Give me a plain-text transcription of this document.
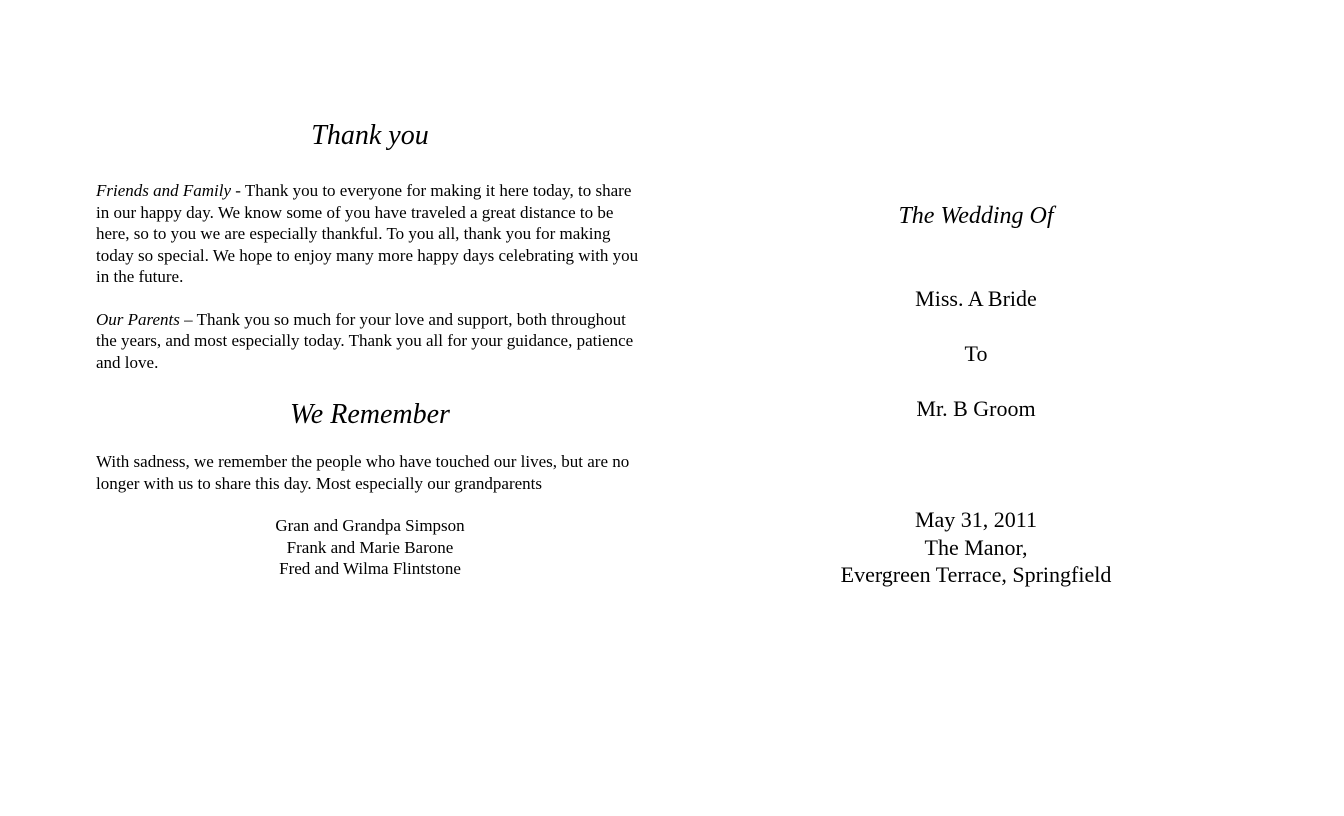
Thank you

Friends and Family - Thank you to everyone for making it here today, to share in our happy day. We know some of you have traveled a great distance to be here, so to you we are especially thankful. To you all, thank you for making today so special. We hope to enjoy many more happy days celebrating with you in the future.

Our Parents – Thank you so much for your love and support, both throughout the years, and most especially today. Thank you all for your guidance, patience and love.

We Remember

With sadness, we remember the people who have touched our lives, but are no longer with us to share this day. Most especially our grandparents

Gran and Grandpa Simpson
Frank and Marie Barone
Fred and Wilma Flintstone
The Wedding Of
Miss. A Bride
To
Mr. B Groom
May 31, 2011
The Manor,
Evergreen Terrace, Springfield
